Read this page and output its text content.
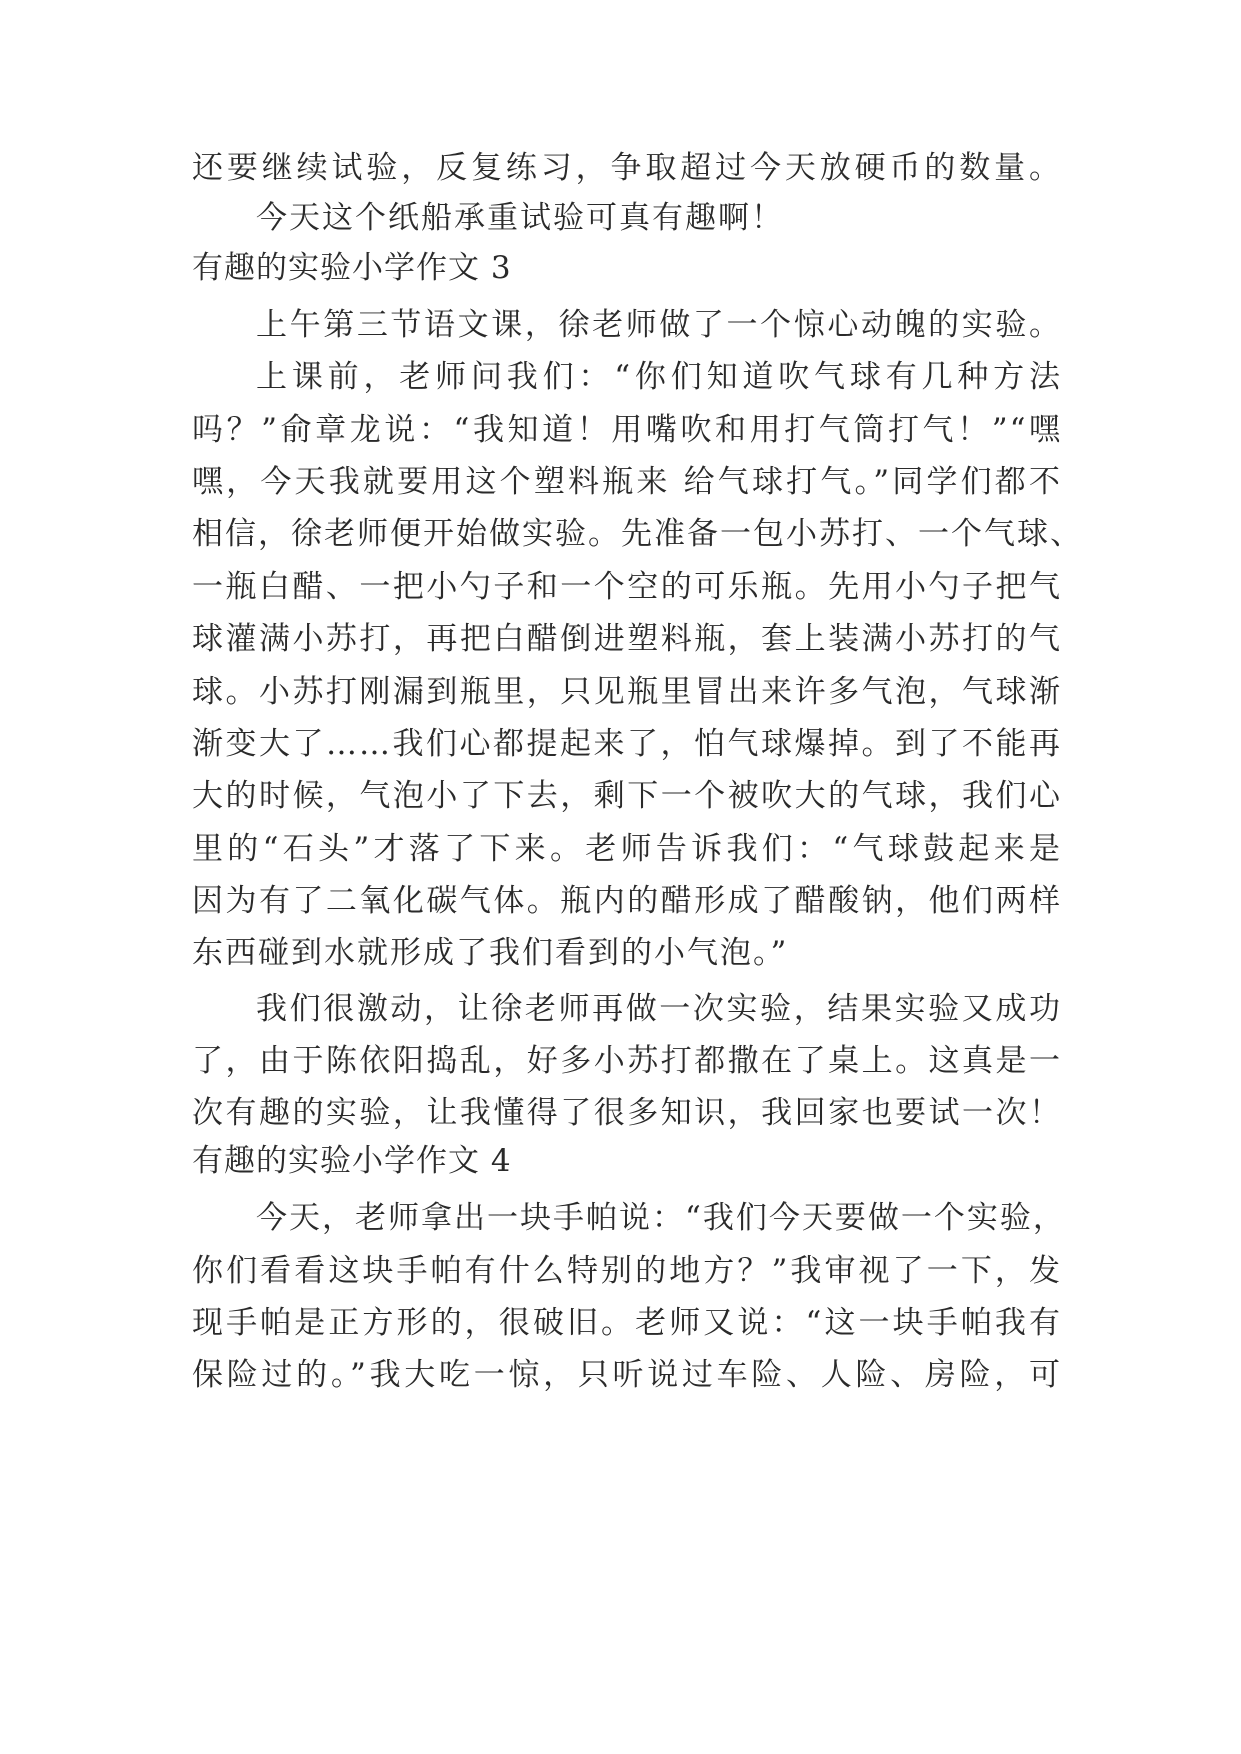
还要继续试验，反复练习，争取超过今天放硬币的数量。
今天这个纸船承重试验可真有趣啊！
有趣的实验小学作文 3
上午第三节语文课，徐老师做了一个惊心动魄的实验。
上课前，老师问我们：“你们知道吹气球有几种方法
吗？”俞章龙说：“我知道！用嘴吹和用打气筒打气！”“嘿
嘿，今天我就要用这个塑料瓶来 给气球打气。”同学们都不
相信，徐老师便开始做实验。先准备一包小苏打、一个气球、
一瓶白醋、一把小勺子和一个空的可乐瓶。先用小勺子把气
球灌满小苏打，再把白醋倒进塑料瓶，套上装满小苏打的气
球。小苏打刚漏到瓶里，只见瓶里冒出来许多气泡，气球渐
渐变大了……我们心都提起来了，怕气球爆掉。到了不能再
大的时候，气泡小了下去，剩下一个被吹大的气球，我们心
里的“石头”才落了下来。老师告诉我们：“气球鼓起来是
因为有了二氧化碳气体。瓶内的醋形成了醋酸钠，他们两样
东西碰到水就形成了我们看到的小气泡。”
我们很激动，让徐老师再做一次实验，结果实验又成功
了，由于陈依阳捣乱，好多小苏打都撒在了桌上。这真是一
次有趣的实验，让我懂得了很多知识，我回家也要试一次！
有趣的实验小学作文 4
今天，老师拿出一块手帕说：“我们今天要做一个实验，
你们看看这块手帕有什么特别的地方？”我审视了一下，发
现手帕是正方形的，很破旧。老师又说：“这一块手帕我有
保险过的。”我大吃一惊，只听说过车险、人险、房险，可
